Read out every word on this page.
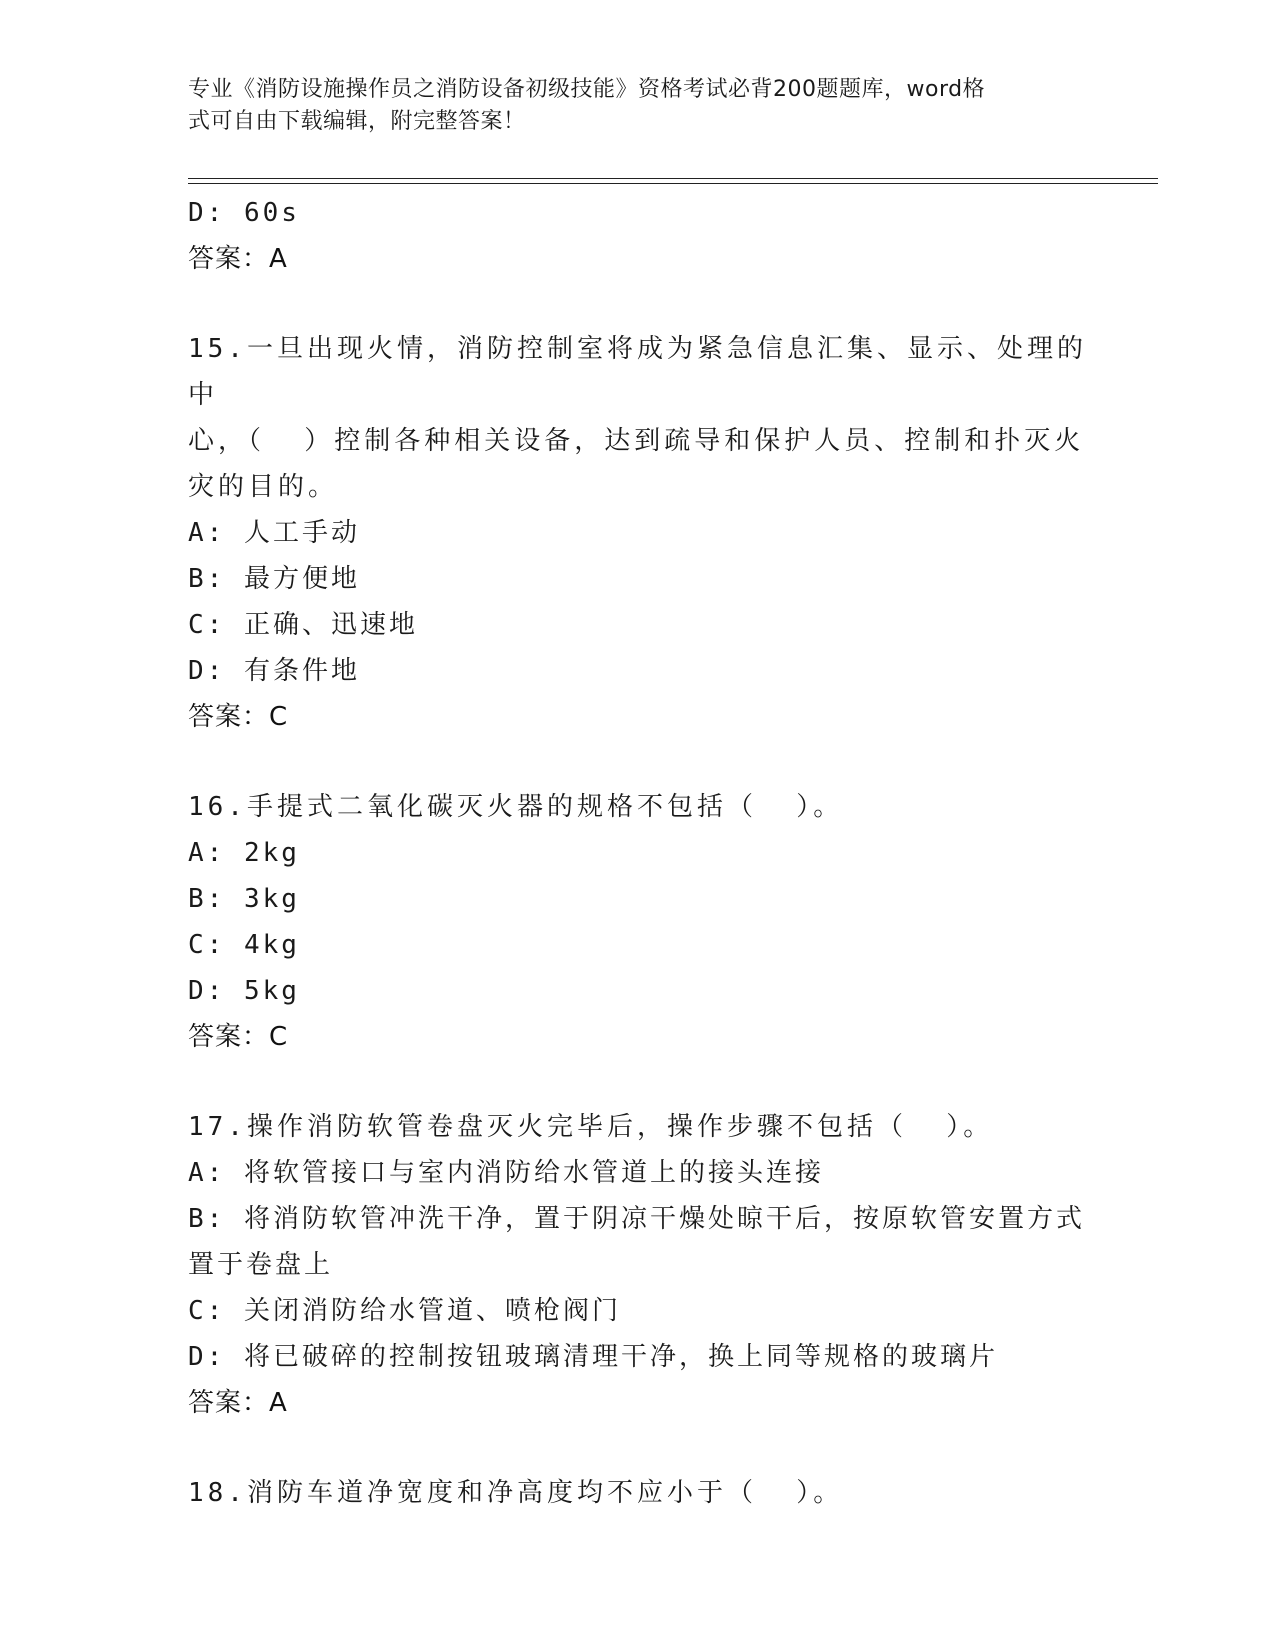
专业《消防设施操作员之消防设备初级技能》资格考试必背200题题库，word格
式可自由下载编辑，附完整答案！
D: 60s
答案：A
15.一旦出现火情，消防控制室将成为紧急信息汇集、显示、处理的中
心，（  ）控制各种相关设备，达到疏导和保护人员、控制和扑灭火
灾的目的。
A: 人工手动
B: 最方便地
C: 正确、迅速地
D: 有条件地
答案：C
16.手提式二氧化碳灭火器的规格不包括（  ）。
A: 2kg
B: 3kg
C: 4kg
D: 5kg
答案：C
17.操作消防软管卷盘灭火完毕后，操作步骤不包括（  ）。
A: 将软管接口与室内消防给水管道上的接头连接
B: 将消防软管冲洗干净，置于阴凉干燥处晾干后，按原软管安置方式
置于卷盘上
C: 关闭消防给水管道、喷枪阀门
D: 将已破碎的控制按钮玻璃清理干净，换上同等规格的玻璃片
答案：A
18.消防车道净宽度和净高度均不应小于（  ）。
